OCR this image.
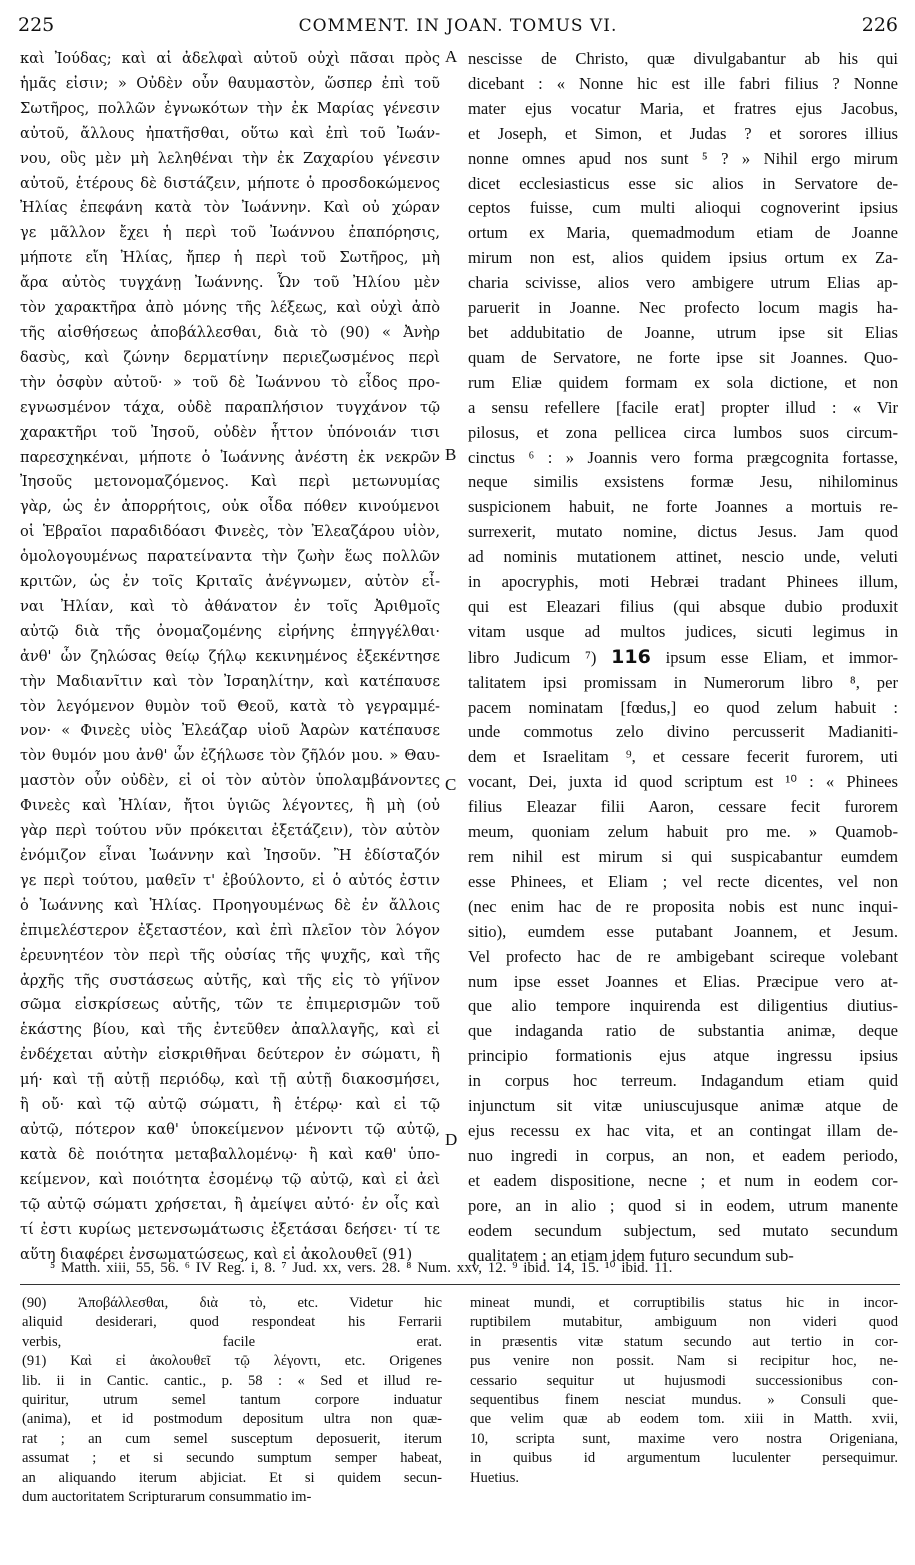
225	COMMENT. IN JOAN. TOMUS VI.	226
καὶ Ἰούδας; καὶ αἱ ἀδελφαὶ αὐτοῦ οὐχὶ πᾶσαι πρὸς
ἡμᾶς εἰσιν; » Οὐδὲν οὖν θαυμαστὸν, ὥσπερ ἐπὶ τοῦ
Σωτῆρος, πολλῶν ἐγνωκότων τὴν ἐκ Μαρίας γένεσιν
αὐτοῦ, ἄλλους ἠπατῆσθαι, οὕτω καὶ ἐπὶ τοῦ Ἰωάν-
νου, οὓς μὲν μὴ λεληθέναι τὴν ἐκ Ζαχαρίου γένεσιν
αὐτοῦ, ἑτέρους δὲ διστάζειν, μήποτε ὁ προσδοκώμενος
Ἠλίας ἐπεφάνη κατὰ τὸν Ἰωάννην. Καὶ οὐ χώραν
γε μᾶλλον ἔχει ἡ περὶ τοῦ Ἰωάννου ἐπαπόρησις,
μήποτε εἴη Ἠλίας, ἤπερ ἡ περὶ τοῦ Σωτῆρος, μὴ
ἄρα αὐτὸς τυγχάνῃ Ἰωάννης. Ὧν τοῦ Ἠλίου μὲν
τὸν χαρακτῆρα ἀπὸ μόνης τῆς λέξεως, καὶ οὐχὶ ἀπὸ
τῆς αἰσθήσεως ἀποβάλλεσθαι, διὰ τὸ (90) « Ἀνὴρ
δασὺς, καὶ ζώνην δερματίνην περιεζωσμένος περὶ
τὴν ὀσφὺν αὐτοῦ· » τοῦ δὲ Ἰωάννου τὸ εἶδος προ-
εγνωσμένον τάχα, οὐδὲ παραπλήσιον τυγχάνον τῷ
χαρακτῆρι τοῦ Ἰησοῦ, οὐδὲν ἧττον ὑπόνοιάν τισι
παρεσχηκέναι, μήποτε ὁ Ἰωάννης ἀνέστη ἐκ νεκρῶν
Ἰησοῦς μετονομαζόμενος. Καὶ περὶ μετωνυμίας
γὰρ, ὡς ἐν ἀπορρήτοις, οὐκ οἶδα πόθεν κινούμενοι
οἱ Ἑβραῖοι παραδιδόασι Φινεὲς, τὸν Ἐλεαζάρου υἱὸν,
ὁμολογουμένως παρατείναντα τὴν ζωὴν ἕως πολλῶν
κριτῶν, ὡς ἐν τοῖς Κριταῖς ἀνέγνωμεν, αὐτὸν εἶ-
ναι Ἠλίαν, καὶ τὸ ἀθάνατον ἐν τοῖς Ἀριθμοῖς
αὐτῷ διὰ τῆς ὀνομαζομένης εἰρήνης ἐπηγγέλθαι·
ἀνθ' ὧν ζηλώσας θείῳ ζήλῳ κεκινημένος ἐξεκέντησε
τὴν Μαδιανῖτιν καὶ τὸν Ἰσραηλίτην, καὶ κατέπαυσε
τὸν λεγόμενον θυμὸν τοῦ Θεοῦ, κατὰ τὸ γεγραμμέ-
νον· « Φινεὲς υἱὸς Ἐλεάζαρ υἱοῦ Ἀαρὼν κατέπαυσε
τὸν θυμόν μου ἀνθ' ὧν ἐζήλωσε τὸν ζῆλόν μου. » Θαυ-
μαστὸν οὖν οὐδὲν, εἰ οἱ τὸν αὐτὸν ὑπολαμβάνοντες
Φινεὲς καὶ Ἠλίαν, ἤτοι ὑγιῶς λέγοντες, ἢ μὴ (οὐ
γὰρ περὶ τούτου νῦν πρόκειται ἐξετάζειν), τὸν αὐτὸν
ἐνόμιζον εἶναι Ἰωάννην καὶ Ἰησοῦν. Ἢ ἐδίσταζόν
γε περὶ τούτου, μαθεῖν τ' ἐβούλοντο, εἰ ὁ αὐτός ἐστιν
ὁ Ἰωάννης καὶ Ἠλίας. Προηγουμένως δὲ ἐν ἄλλοις
ἐπιμελέστερον ἐξεταστέον, καὶ ἐπὶ πλεῖον τὸν λόγον
ἐρευνητέον τὸν περὶ τῆς οὐσίας τῆς ψυχῆς, καὶ τῆς
ἀρχῆς τῆς συστάσεως αὐτῆς, καὶ τῆς εἰς τὸ γήϊνον
σῶμα εἰσκρίσεως αὐτῆς, τῶν τε ἐπιμερισμῶν τοῦ
ἑκάστης βίου, καὶ τῆς ἐντεῦθεν ἀπαλλαγῆς, καὶ εἰ
ἐνδέχεται αὐτὴν εἰσκριθῆναι δεύτερον ἐν σώματι, ἢ
μή· καὶ τῇ αὐτῇ περιόδῳ, καὶ τῇ αὐτῇ διακοσμήσει,
ἢ οὔ· καὶ τῷ αὐτῷ σώματι, ἢ ἑτέρῳ· καὶ εἰ τῷ
αὐτῷ, πότερον καθ' ὑποκείμενον μένοντι τῷ αὐτῷ,
κατὰ δὲ ποιότητα μεταβαλλομένῳ· ἢ καὶ καθ' ὑπο-
κείμενον, καὶ ποιότητα ἐσομένῳ τῷ αὐτῷ, καὶ εἰ ἀεὶ
τῷ αὐτῷ σώματι χρήσεται, ἢ ἀμείψει αὐτό· ἐν οἷς καὶ
τί ἐστι κυρίως μετενσωμάτωσις ἐξετάσαι δεήσει· τί τε
αὕτη διαφέρει ἐνσωματώσεως, καὶ εἰ ἀκολουθεῖ (91)
nescisse de Christo, quæ divulgabantur ab his qui
dicebant : « Nonne hic est ille fabri filius ? Nonne
mater ejus vocatur Maria, et fratres ejus Jacobus,
et Joseph, et Simon, et Judas ? et sorores illius
nonne omnes apud nos sunt ⁵ ? » Nihil ergo mirum
dicet ecclesiasticus esse sic alios in Servatore de-
ceptos fuisse, cum multi alioqui cognoverint ipsius
ortum ex Maria, quemadmodum etiam de Joanne
mirum non est, alios quidem ipsius ortum ex Za-
charia scivisse, alios vero ambigere utrum Elias ap-
paruerit in Joanne. Nec profecto locum magis ha-
bet addubitatio de Joanne, utrum ipse sit Elias
quam de Servatore, ne forte ipse sit Joannes. Quo-
rum Eliæ quidem formam ex sola dictione, et non
a sensu refellere [facile erat] propter illud : « Vir
pilosus, et zona pellicea circa lumbos suos circum-
cinctus ⁶ : » Joannis vero forma prægcognita fortasse,
neque similis exsistens formæ Jesu, nihilominus
suspicionem habuit, ne forte Joannes a mortuis re-
surrexerit, mutato nomine, dictus Jesus. Jam quod
ad nominis mutationem attinet, nescio unde, veluti
in apocryphis, moti Hebræi tradant Phinees illum,
qui est Eleazari filius (qui absque dubio produxit
vitam usque ad multos judices, sicuti legimus in
libro Judicum ⁷) 116 ipsum esse Eliam, et immor-
talitatem ipsi promissam in Numerorum libro ⁸, per
pacem nominatam [fœdus,] eo quod zelum habuit :
unde commotus zelo divino percusserit Madianiti-
dem et Israelitam ⁹, et cessare fecerit furorem, uti
vocant, Dei, juxta id quod scriptum est ¹⁰ : « Phinees
filius Eleazar filii Aaron, cessare fecit furorem
meum, quoniam zelum habuit pro me. » Quamob-
rem nihil est mirum si qui suspicabantur eumdem
esse Phinees, et Eliam ; vel recte dicentes, vel non
(nec enim hac de re proposita nobis est nunc inqui-
sitio), eumdem esse putabant Joannem, et Jesum.
Vel profecto hac de re ambigebant scireque volebant
num ipse esset Joannes et Elias. Præcipue vero at-
que alio tempore inquirenda est diligentius diutius-
que indaganda ratio de substantia animæ, deque
principio formationis ejus atque ingressu ipsius
in corpus hoc terreum. Indagandum etiam quid
injunctum sit vitæ uniuscujusque animæ atque de
ejus recessu ex hac vita, et an contingat illam de-
nuo ingredi in corpus, an non, et eadem periodo,
et eadem dispositione, necne ; et num in eodem cor-
pore, an in alio ; quod si in eodem, utrum manente
eodem secundum subjectum, sed mutato secundum
qualitatem ; an etiam idem futuro secundum sub-
A
B
C
D
⁵ Matth. xiii, 55, 56. ⁶ IV Reg. i, 8. ⁷ Jud. xx, vers. 28. ⁸ Num. xxv, 12. ⁹ ibid. 14, 15. ¹⁰ ibid. 11.
(90) Ἀποβάλλεσθαι, διὰ τὸ, etc. Videtur hic
aliquid desiderari, quod respondeat his Ferrarii
verbis, facile erat.
(91) Καὶ εἰ ἀκολουθεῖ τῷ λέγοντι, etc. Origenes
lib. ii in Cantic. cantic., p. 58 : « Sed et illud re-
quiritur, utrum semel tantum corpore induatur
(anima), et id postmodum depositum ultra non quæ-
rat ; an cum semel susceptum deposuerit, iterum
assumat ; et si secundo sumptum semper habeat,
an aliquando iterum abjiciat. Et si quidem secun-
dum auctoritatem Scripturarum consummatio im-
mineat mundi, et corruptibilis status hic in incor-
ruptibilem mutabitur, ambiguum non videri quod
in præsentis vitæ statum secundo aut tertio in cor-
pus venire non possit. Nam si recipitur hoc, ne-
cessario sequitur ut hujusmodi successionibus con-
sequentibus finem nesciat mundus. » Consuli que-
que velim quæ ab eodem tom. xiii in Matth. xvii,
10, scripta sunt, maxime vero nostra Origeniana,
in quibus id argumentum luculenter persequimur.
Huetius.
